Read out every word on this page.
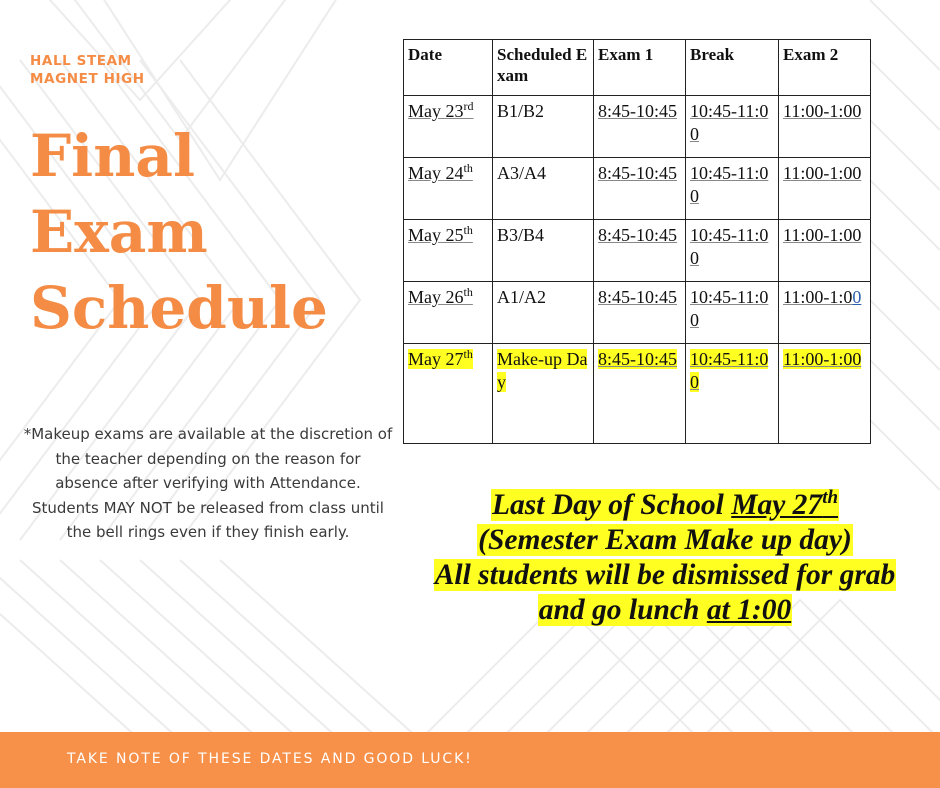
HALL STEAM
MAGNET HIGH
Final
Exam
Schedule
*Makeup exams are available at the discretion of the teacher depending on the reason for absence after verifying with Attendance. Students MAY NOT be released from class until the bell rings even if they finish early.
Date	Scheduled Exam	Exam 1	Break	Exam 2
May 23rd	B1/B2	8:45-10:45	10:45-11:00	11:00-1:00
May 24th	A3/A4	8:45-10:45	10:45-11:00	11:00-1:00
May 25th	B3/B4	8:45-10:45	10:45-11:00	11:00-1:00
May 26th	A1/A2	8:45-10:45	10:45-11:00	11:00-1:00
May 27th	Make-up Day	8:45-10:45	10:45-11:00	11:00-1:00
Last Day of School May 27th
(Semester Exam Make up day)
All students will be dismissed for grab
and go lunch at 1:00
TAKE NOTE OF THESE DATES AND GOOD LUCK!
